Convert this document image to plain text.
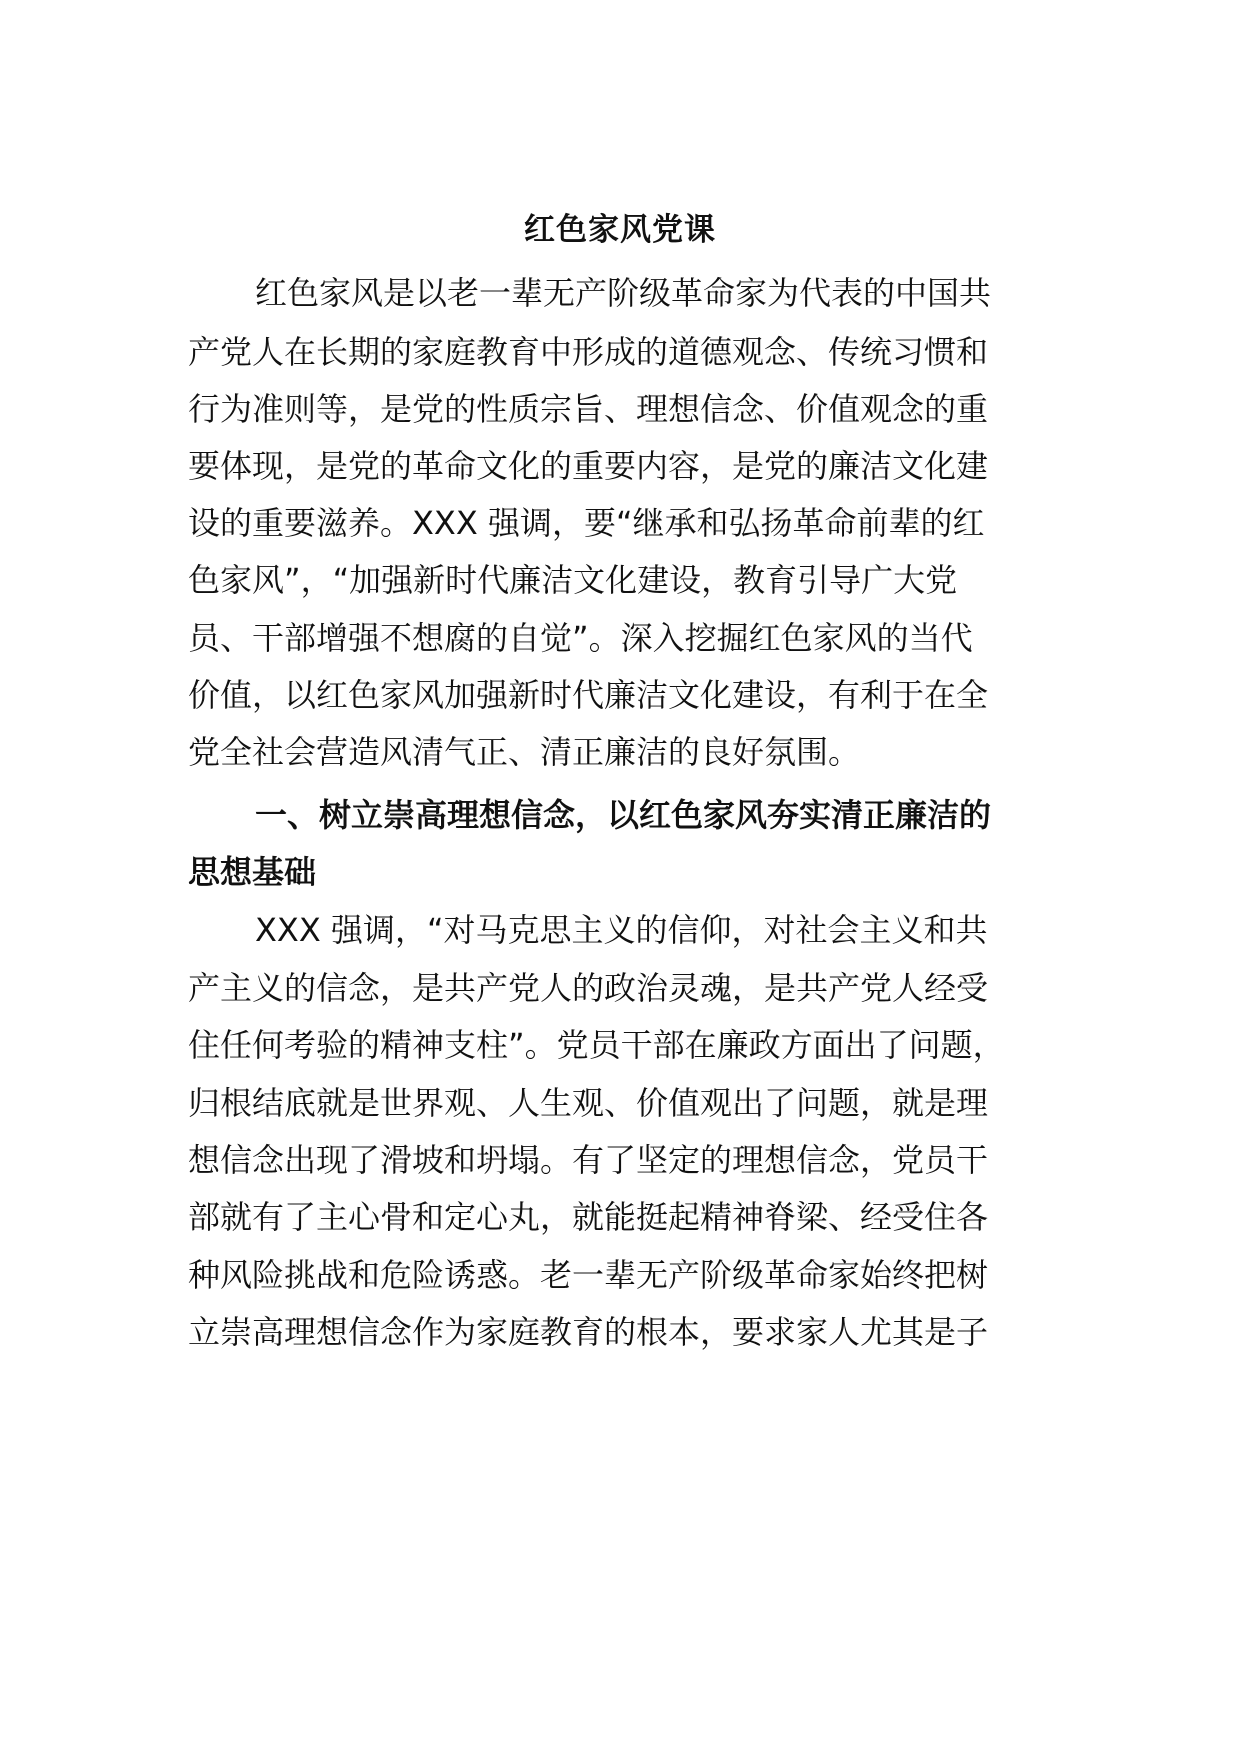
红色家风党课
红色家风是以老一辈无产阶级革命家为代表的中国共
产党人在长期的家庭教育中形成的道德观念、传统习惯和
行为准则等，是党的性质宗旨、理想信念、价值观念的重
要体现，是党的革命文化的重要内容，是党的廉洁文化建
设的重要滋养。XXX 强调，要“继承和弘扬革命前辈的红
色家风”，“加强新时代廉洁文化建设，教育引导广大党
员、干部增强不想腐的自觉”。深入挖掘红色家风的当代
价值，以红色家风加强新时代廉洁文化建设，有利于在全
党全社会营造风清气正、清正廉洁的良好氛围。
一、树立崇高理想信念，以红色家风夯实清正廉洁的
思想基础
XXX 强调，“对马克思主义的信仰，对社会主义和共
产主义的信念，是共产党人的政治灵魂，是共产党人经受
住任何考验的精神支柱”。党员干部在廉政方面出了问题，
归根结底就是世界观、人生观、价值观出了问题，就是理
想信念出现了滑坡和坍塌。有了坚定的理想信念，党员干
部就有了主心骨和定心丸，就能挺起精神脊梁、经受住各
种风险挑战和危险诱惑。老一辈无产阶级革命家始终把树
立崇高理想信念作为家庭教育的根本，要求家人尤其是子
